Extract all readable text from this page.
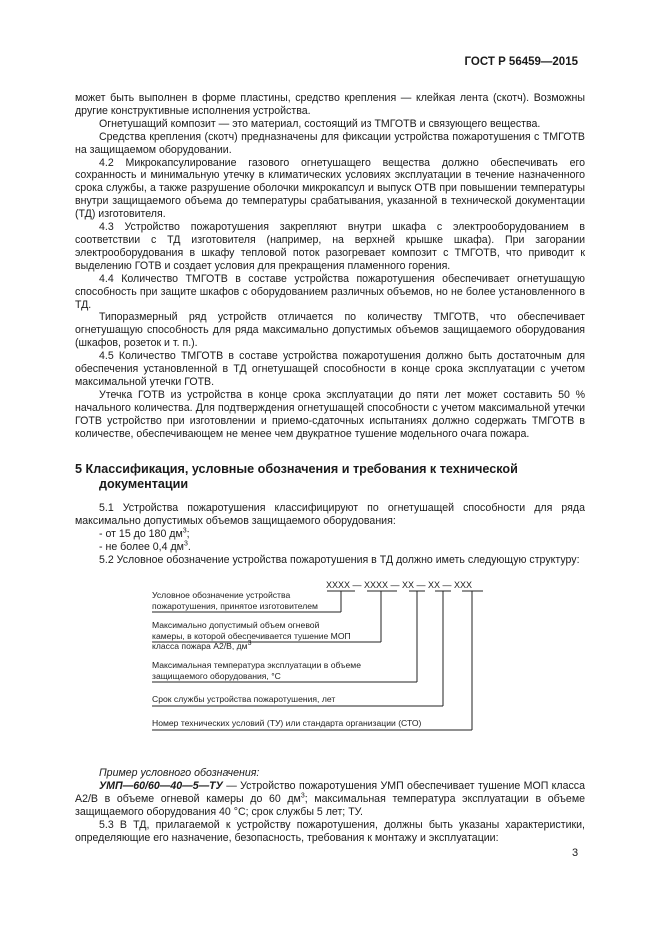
ГОСТ Р 56459—2015

может быть выполнен в форме пластины, средство крепления — клейкая лента (скотч). Возможны другие конструктивные исполнения устройства.

Огнетушащий композит — это материал, состоящий из ТМГОТВ и связующего вещества.

Средства крепления (скотч) предназначены для фиксации устройства пожаротушения с ТМГОТВ на защищаемом оборудовании.

4.2 Микрокапсулирование газового огнетушащего вещества должно обеспечивать его сохранность и минимальную утечку в климатических условиях эксплуатации в течение назначенного срока службы, а также разрушение оболочки микрокапсул и выпуск ОТВ при повышении температуры внутри защищаемого объема до температуры срабатывания, указанной в технической документации (ТД) изготовителя.

4.3 Устройство пожаротушения закрепляют внутри шкафа с электрооборудованием в соответствии с ТД изготовителя (например, на верхней крышке шкафа). При загорании электрооборудования в шкафу тепловой поток разогревает композит с ТМГОТВ, что приводит к выделению ГОТВ и создает условия для прекращения пламенного горения.

4.4 Количество ТМГОТВ в составе устройства пожаротушения обеспечивает огнетушащую способность при защите шкафов с оборудованием различных объемов, но не более установленного в ТД.

Типоразмерный ряд устройств отличается по количеству ТМГОТВ, что обеспечивает огнетушащую способность для ряда максимально допустимых объемов защищаемого оборудования (шкафов, розеток и т. п.).

4.5 Количество ТМГОТВ в составе устройства пожаротушения должно быть достаточным для обеспечения установленной в ТД огнетушащей способности в конце срока эксплуатации с учетом максимальной утечки ГОТВ.

Утечка ГОТВ из устройства в конце срока эксплуатации до пяти лет может составить 50 % начального количества. Для подтверждения огнетушащей способности с учетом максимальной утечки ГОТВ устройство при изготовлении и приемо-сдаточных испытаниях должно содержать ТМГОТВ в количестве, обеспечивающем не менее чем двукратное тушение модельного очага пожара.

5 Классификация, условные обозначения и требования к технической документации

5.1 Устройства пожаротушения классифицируют по огнетушащей способности для ряда максимально допустимых объемов защищаемого оборудования:

- от 15 до 180 $дм^3$;

- не более 0,4 $дм^3$.

5.2 Условное обозначение устройства пожаротушения в ТД должно иметь следующую структуру:

ХХХХ — ХХХХ — ХХ — ХХ — ХХХ
Условное обозначение устройства
пожаротушения, принятое изготовителем
Максимально допустимый объем огневой
камеры, в которой обеспечивается тушение МОП
класса пожара А2/В, $дм^3$
Максимальная температура эксплуатации в объеме
защищаемого оборудования, °С
Срок службы устройства пожаротушения, лет
Номер технических условий (ТУ) или стандарта организации (СТО)

Пример условного обозначения:

УМП—60/60—40—5—ТУ — Устройство пожаротушения УМП обеспечивает тушение МОП класса А2/В в объеме огневой камеры до 60 $дм^3$; максимальная температура эксплуатации в объеме защищаемого оборудования 40 °С; срок службы 5 лет; ТУ.

5.3 В ТД, прилагаемой к устройству пожаротушения, должны быть указаны характеристики, определяющие его назначение, безопасность, требования к монтажу и эксплуатации:

3
